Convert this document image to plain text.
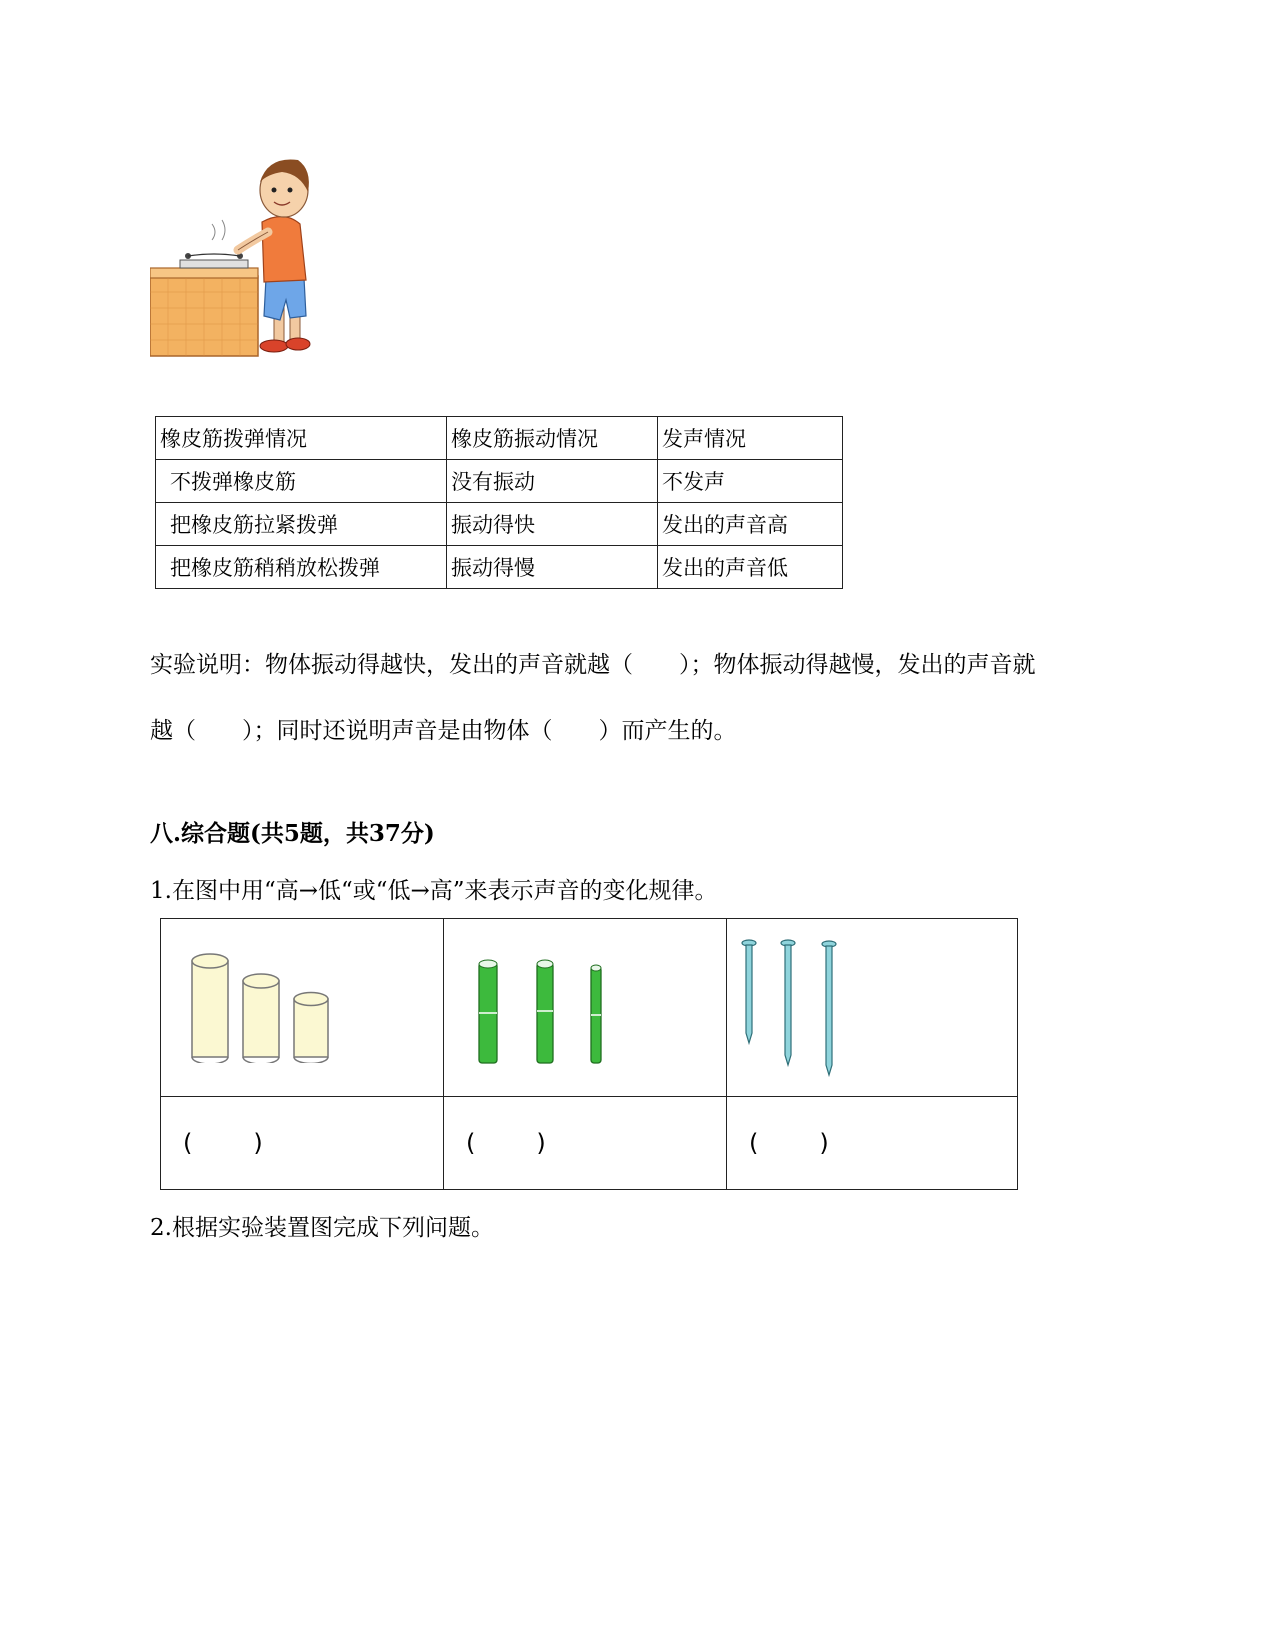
橡皮筋拨弹情况	橡皮筋振动情况	发声情况
不拨弹橡皮筋	没有振动	不发声
把橡皮筋拉紧拨弹	振动得快	发出的声音高
把橡皮筋稍稍放松拨弹	振动得慢	发出的声音低
实验说明：物体振动得越快，发出的声音就越（　　）；物体振动得越慢，发出的声音就
越（　　）；同时还说明声音是由物体（　　）而产生的。
八.综合题(共5题，共37分)
1.在图中用“高→低“或“低→高”来表示声音的变化规律。
(        )	(        )	(        )
2.根据实验装置图完成下列问题。
